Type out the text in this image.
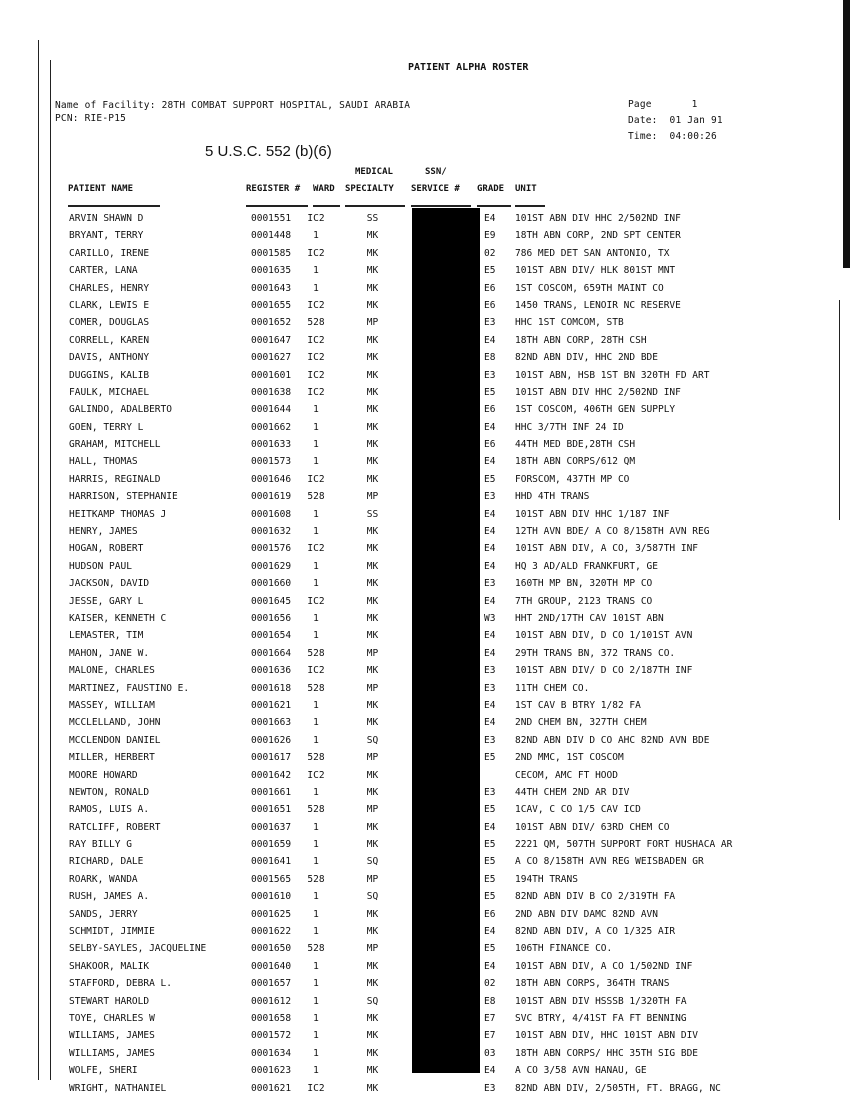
PATIENT ALPHA ROSTER
Name of Facility: 28TH COMBAT SUPPORT HOSPITAL, SAUDI ARABIA
PCN: RIE-P15
Page	1
Date: 01 Jan 91
Time: 04:00:26
5 U.S.C. 552 (b)(6)
MEDICAL	SSN/
PATIENT NAME	REGISTER # WARD SPECIALTY SERVICE # GRADE UNIT
ARVIN SHAWN D	0001551	IC2	SS	E4 101ST ABN DIV HHC 2/502ND INF
BRYANT, TERRY	0001448	1	MK	E9 18TH ABN CORP, 2ND SPT CENTER
CARILLO, IRENE	0001585	IC2	MK	02 786 MED DET SAN ANTONIO, TX
CARTER, LANA	0001635	1	MK	E5 101ST ABN DIV/ HLK 801ST MNT
CHARLES, HENRY	0001643	1	MK	E6 1ST COSCOM, 659TH MAINT CO
CLARK, LEWIS E	0001655	IC2	MK	E6 1450 TRANS, LENOIR NC RESERVE
COMER, DOUGLAS	0001652	528	MP	E3 HHC 1ST COMCOM, STB
CORRELL, KAREN	0001647	IC2	MK	E4 18TH ABN CORP, 28TH CSH
DAVIS, ANTHONY	0001627	IC2	MK	E8 82ND ABN DIV, HHC 2ND BDE
DUGGINS, KALIB	0001601	IC2	MK	E3 101ST ABN, HSB 1ST BN 320TH FD ART
FAULK, MICHAEL	0001638	IC2	MK	E5 101ST ABN DIV HHC 2/502ND INF
GALINDO, ADALBERTO	0001644	1	MK	E6 1ST COSCOM, 406TH GEN SUPPLY
GOEN, TERRY L	0001662	1	MK	E4 HHC 3/7TH INF 24 ID
GRAHAM, MITCHELL	0001633	1	MK	E6 44TH MED BDE,28TH CSH
HALL, THOMAS	0001573	1	MK	E4 18TH ABN CORPS/612 QM
HARRIS, REGINALD	0001646	IC2	MK	E5 FORSCOM, 437TH MP CO
HARRISON, STEPHANIE	0001619	528	MP	E3 HHD 4TH TRANS
HEITKAMP THOMAS J	0001608	1	SS	E4 101ST ABN DIV HHC 1/187 INF
HENRY, JAMES	0001632	1	MK	E4 12TH AVN BDE/ A CO 8/158TH AVN REG
HOGAN, ROBERT	0001576	IC2	MK	E4 101ST ABN DIV, A CO, 3/587TH INF
HUDSON PAUL	0001629	1	MK	E4 HQ 3 AD/ALD FRANKFURT, GE
JACKSON, DAVID	0001660	1	MK	E3 160TH MP BN, 320TH MP CO
JESSE, GARY L	0001645	IC2	MK	E4 7TH GROUP, 2123 TRANS CO
KAISER, KENNETH C	0001656	1	MK	W3 HHT 2ND/17TH CAV 101ST ABN
LEMASTER, TIM	0001654	1	MK	E4 101ST ABN DIV, D CO 1/101ST AVN
MAHON, JANE W.	0001664	528	MP	E4 29TH TRANS BN, 372 TRANS CO.
MALONE, CHARLES	0001636	IC2	MK	E3 101ST ABN DIV/ D CO 2/187TH INF
MARTINEZ, FAUSTINO E.	0001618	528	MP	E3 11TH CHEM CO.
MASSEY, WILLIAM	0001621	1	MK	E4 1ST CAV B BTRY 1/82 FA
MCCLELLAND, JOHN	0001663	1	MK	E4 2ND CHEM BN, 327TH CHEM
MCCLENDON DANIEL	0001626	1	SQ	E3 82ND ABN DIV D CO AHC 82ND AVN BDE
MILLER, HERBERT	0001617	528	MP	E5 2ND MMC, 1ST COSCOM
MOORE HOWARD	0001642	IC2	MK	CECOM, AMC FT HOOD
NEWTON, RONALD	0001661	1	MK	E3 44TH CHEM 2ND AR DIV
RAMOS, LUIS A.	0001651	528	MP	E5 1CAV, C CO 1/5 CAV ICD
RATCLIFF, ROBERT	0001637	1	MK	E4 101ST ABN DIV/ 63RD CHEM CO
RAY BILLY G	0001659	1	MK	E5 2221 QM, 507TH SUPPORT FORT HUSHACA AR
RICHARD, DALE	0001641	1	SQ	E5 A CO 8/158TH AVN REG WEISBADEN GR
ROARK, WANDA	0001565	528	MP	E5 194TH TRANS
RUSH, JAMES A.	0001610	1	SQ	E5 82ND ABN DIV B CO 2/319TH FA
SANDS, JERRY	0001625	1	MK	E6 2ND ABN DIV DAMC 82ND AVN
SCHMIDT, JIMMIE	0001622	1	MK	E4 82ND ABN DIV, A CO 1/325 AIR
SELBY-SAYLES, JACQUELINE	0001650	528	MP	E5 106TH FINANCE CO.
SHAKOOR, MALIK	0001640	1	MK	E4 101ST ABN DIV, A CO 1/502ND INF
STAFFORD, DEBRA L.	0001657	1	MK	02 18TH ABN CORPS, 364TH TRANS
STEWART HAROLD	0001612	1	SQ	E8 101ST ABN DIV HSSSB 1/320TH FA
TOYE, CHARLES W	0001658	1	MK	E7 SVC BTRY, 4/41ST FA FT BENNING
WILLIAMS, JAMES	0001572	1	MK	E7 101ST ABN DIV, HHC 101ST ABN DIV
WILLIAMS, JAMES	0001634	1	MK	03 18TH ABN CORPS/ HHC 35TH SIG BDE
WOLFE, SHERI	0001623	1	MK	E4 A CO 3/58 AVN HANAU, GE
WRIGHT, NATHANIEL	0001621	IC2	MK	E3 82ND ABN DIV, 2/505TH, FT. BRAGG, NC
